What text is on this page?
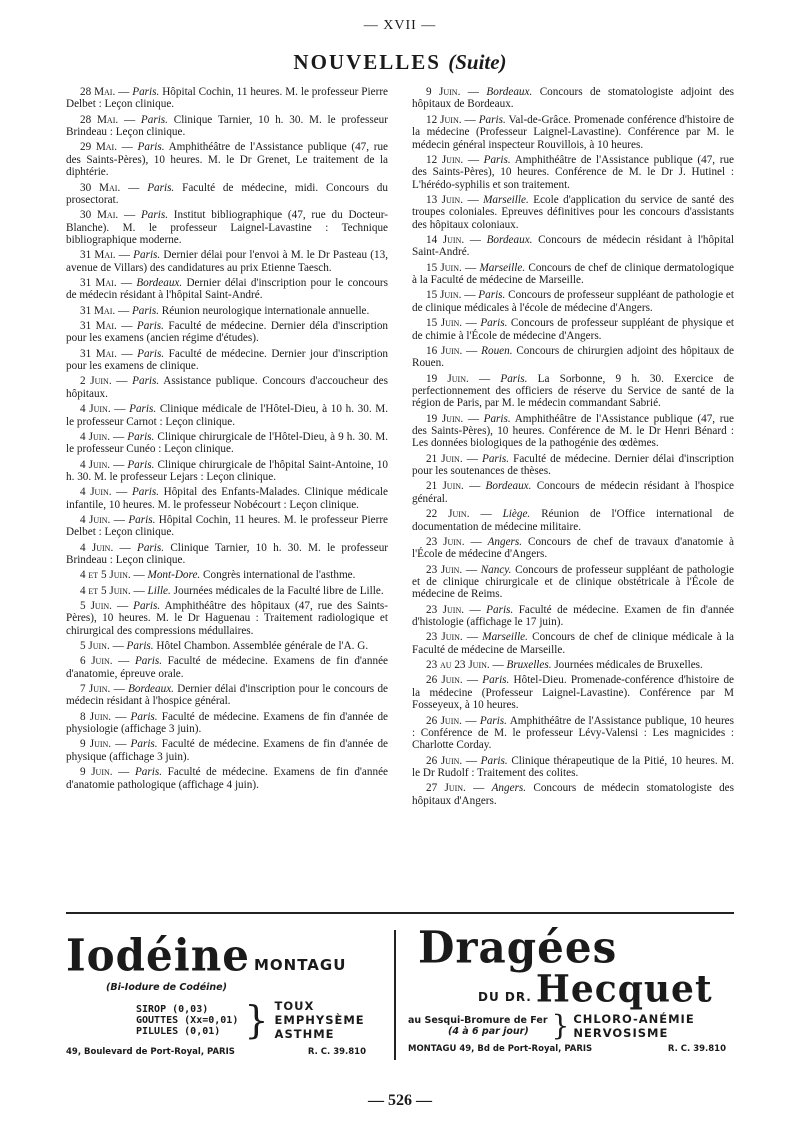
— XVII —
NOUVELLES (Suite)

28 Mai. — Paris. Hôpital Cochin, 11 heures. M. le professeur Pierre Delbet : Leçon clinique.

28 Mai. — Paris. Clinique Tarnier, 10 h. 30. M. le professeur Brindeau : Leçon clinique.

29 Mai. — Paris. Amphithéâtre de l'Assistance publique (47, rue des Saints-Pères), 10 heures. M. le Dr Grenet, Le traitement de la diphtérie.

30 Mai. — Paris. Faculté de médecine, midi. Concours du prosectorat.

30 Mai. — Paris. Institut bibliographique (47, rue du Docteur-Blanche). M. le professeur Laignel-Lavastine : Technique bibliographique moderne.

31 Mai. — Paris. Dernier délai pour l'envoi à M. le Dr Pasteau (13, avenue de Villars) des candidatures au prix Etienne Taesch.

31 Mai. — Bordeaux. Dernier délai d'inscription pour le concours de médecin résidant à l'hôpital Saint-André.

31 Mai. — Paris. Réunion neurologique internationale annuelle.

31 Mai. — Paris. Faculté de médecine. Dernier déla d'inscription pour les examens (ancien régime d'études).

31 Mai. — Paris. Faculté de médecine. Dernier jour d'inscription pour les examens de clinique.

2 Juin. — Paris. Assistance publique. Concours d'accoucheur des hôpitaux.

4 Juin. — Paris. Clinique médicale de l'Hôtel-Dieu, à 10 h. 30. M. le professeur Carnot : Leçon clinique.

4 Juin. — Paris. Clinique chirurgicale de l'Hôtel-Dieu, à 9 h. 30. M. le professeur Cunéo : Leçon clinique.

4 Juin. — Paris. Clinique chirurgicale de l'hôpital Saint-Antoine, 10 h. 30. M. le professeur Lejars : Leçon clinique.

4 Juin. — Paris. Hôpital des Enfants-Malades. Clinique médicale infantile, 10 heures. M. le professeur Nobécourt : Leçon clinique.

4 Juin. — Paris. Hôpital Cochin, 11 heures. M. le professeur Pierre Delbet : Leçon clinique.

4 Juin. — Paris. Clinique Tarnier, 10 h. 30. M. le professeur Brindeau : Leçon clinique.

4 et 5 Juin. — Mont-Dore. Congrès international de l'asthme.

4 et 5 Juin. — Lille. Journées médicales de la Faculté libre de Lille.

5 Juin. — Paris. Amphithéâtre des hôpitaux (47, rue des Saints-Pères), 10 heures. M. le Dr Haguenau : Traitement radiologique et chirurgical des compressions médullaires.

5 Juin. — Paris. Hôtel Chambon. Assemblée générale de l'A. G.

6 Juin. — Paris. Faculté de médecine. Examens de fin d'année d'anatomie, épreuve orale.

7 Juin. — Bordeaux. Dernier délai d'inscription pour le concours de médecin résidant à l'hospice général.

8 Juin. — Paris. Faculté de médecine. Examens de fin d'année de physiologie (affichage 3 juin).

9 Juin. — Paris. Faculté de médecine. Examens de fin d'année de physique (affichage 3 juin).

9 Juin. — Paris. Faculté de médecine. Examens de fin d'année d'anatomie pathologique (affichage 4 juin).

9 Juin. — Bordeaux. Concours de stomatologiste adjoint des hôpitaux de Bordeaux.

12 Juin. — Paris. Val-de-Grâce. Promenade conférence d'histoire de la médecine (Professeur Laignel-Lavastine). Conférence par M. le médecin général inspecteur Rouvillois, à 10 heures.

12 Juin. — Paris. Amphithéâtre de l'Assistance publique (47, rue des Saints-Pères), 10 heures. Conférence de M. le Dr J. Hutinel : L'hérédo-syphilis et son traitement.

13 Juin. — Marseille. Ecole d'application du service de santé des troupes coloniales. Epreuves définitives pour les concours d'assistants des hôpitaux coloniaux.

14 Juin. — Bordeaux. Concours de médecin résidant à l'hôpital Saint-André.

15 Juin. — Marseille. Concours de chef de clinique dermatologique à la Faculté de médecine de Marseille.

15 Juin. — Paris. Concours de professeur suppléant de pathologie et de clinique médicales à l'école de médecine d'Angers.

15 Juin. — Paris. Concours de professeur suppléant de physique et de chimie à l'École de médecine d'Angers.

16 Juin. — Rouen. Concours de chirurgien adjoint des hôpitaux de Rouen.

19 Juin. — Paris. La Sorbonne, 9 h. 30. Exercice de perfectionnement des officiers de réserve du Service de santé de la région de Paris, par M. le médecin commandant Sabrié.

19 Juin. — Paris. Amphithéâtre de l'Assistance publique (47, rue des Saints-Pères), 10 heures. Conférence de M. le Dr Henri Bénard : Les données biologiques de la pathogénie des œdèmes.

21 Juin. — Paris. Faculté de médecine. Dernier délai d'inscription pour les soutenances de thèses.

21 Juin. — Bordeaux. Concours de médecin résidant à l'hospice général.

22 Juin. — Liège. Réunion de l'Office international de documentation de médecine militaire.

23 Juin. — Angers. Concours de chef de travaux d'anatomie à l'École de médecine d'Angers.

23 Juin. — Nancy. Concours de professeur suppléant de pathologie et de clinique chirurgicale et de clinique obstétricale à l'École de médecine de Reims.

23 Juin. — Paris. Faculté de médecine. Examen de fin d'année d'histologie (affichage le 17 juin).

23 Juin. — Marseille. Concours de chef de clinique médicale à la Faculté de médecine de Marseille.

23 au 23 Juin. — Bruxelles. Journées médicales de Bruxelles.

26 Juin. — Paris. Hôtel-Dieu. Promenade-conférence d'histoire de la médecine (Professeur Laignel-Lavastine). Conférence par M Fosseyeux, à 10 heures.

26 Juin. — Paris. Amphithéâtre de l'Assistance publique, 10 heures : Conférence de M. le professeur Lévy-Valensi : Les magnicides : Charlotte Corday.

26 Juin. — Paris. Clinique thérapeutique de la Pitié, 10 heures. M. le Dr Rudolf : Traitement des colites.

27 Juin. — Angers. Concours de médecin stomatologiste des hôpitaux d'Angers.

Iodéine MONTAGU
(Bi-Iodure de Codéine)
SIROP (0,03)
GOUTTES (Xx=0,01)
PILULES (0,01) } TOUX
EMPHYSÈME
ASTHME
49, Boulevard de Port-Royal, PARIS	R. C. 39.810
Dragées
DU DR. Hecquet
au Sesqui-Bromure de Fer
(4 à 6 par jour) } CHLORO-ANÉMIE
NERVOSISME
MONTAGU 49, Bd de Port-Royal, PARIS	R. C. 39.810
— 526 —
